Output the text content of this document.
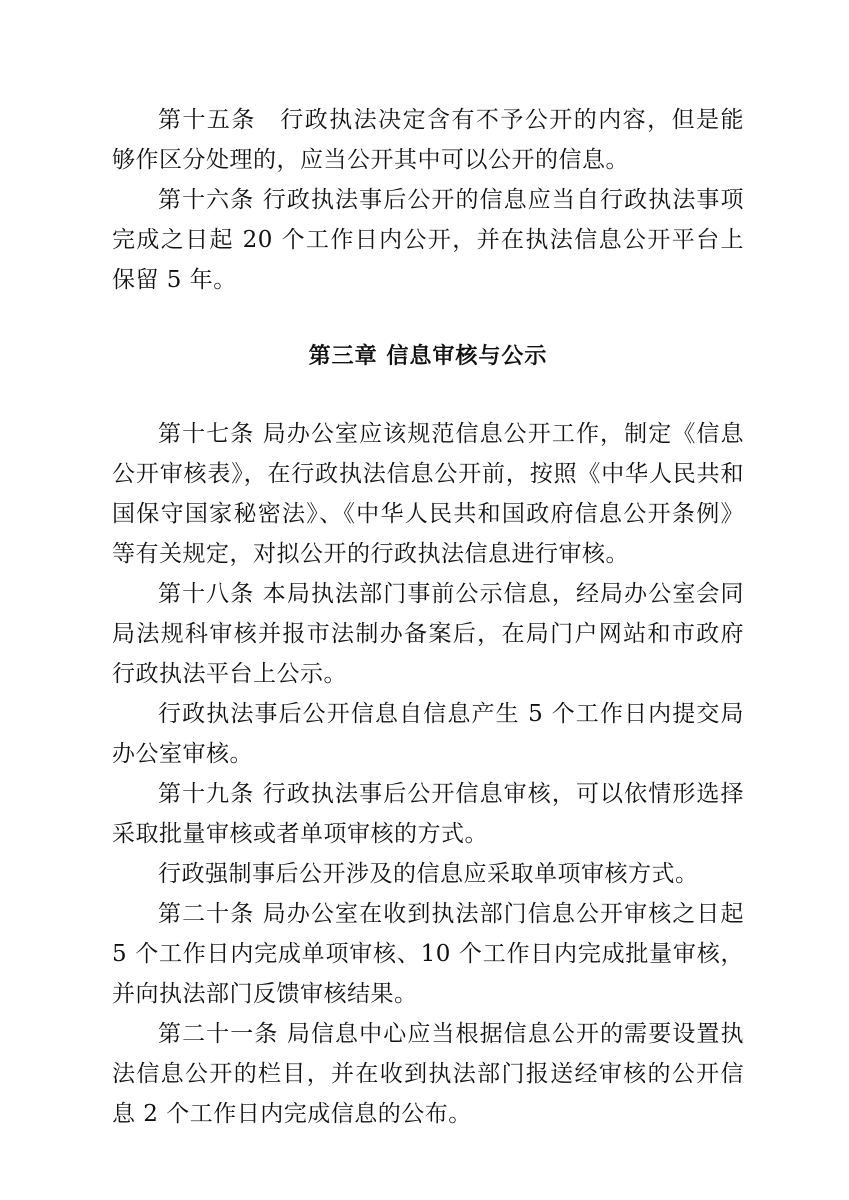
第十五条　行政执法决定含有不予公开的内容，但是能够作区分处理的，应当公开其中可以公开的信息。

第十六条 行政执法事后公开的信息应当自行政执法事项完成之日起 20 个工作日内公开，并在执法信息公开平台上保留 5 年。

第三章 信息审核与公示

第十七条 局办公室应该规范信息公开工作，制定《信息公开审核表》，在行政执法信息公开前，按照《中华人民共和国保守国家秘密法》、《中华人民共和国政府信息公开条例》等有关规定，对拟公开的行政执法信息进行审核。

第十八条 本局执法部门事前公示信息，经局办公室会同局法规科审核并报市法制办备案后，在局门户网站和市政府行政执法平台上公示。

行政执法事后公开信息自信息产生 5 个工作日内提交局办公室审核。

第十九条 行政执法事后公开信息审核，可以依情形选择采取批量审核或者单项审核的方式。

行政强制事后公开涉及的信息应采取单项审核方式。

第二十条 局办公室在收到执法部门信息公开审核之日起 5 个工作日内完成单项审核、10 个工作日内完成批量审核，并向执法部门反馈审核结果。

第二十一条 局信息中心应当根据信息公开的需要设置执法信息公开的栏目，并在收到执法部门报送经审核的公开信息 2 个工作日内完成信息的公布。
